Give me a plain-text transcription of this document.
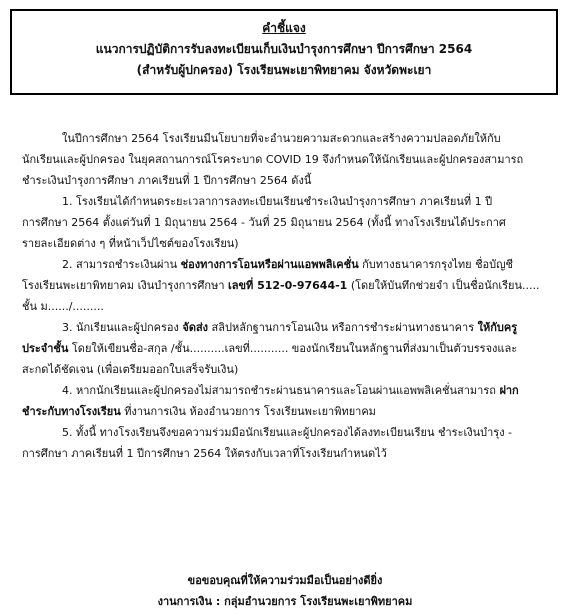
คำชี้แจง
แนวการปฏิบัติการรับลงทะเบียนเก็บเงินบำรุงการศึกษา ปีการศึกษา 2564
(สำหรับผู้ปกครอง) โรงเรียนพะเยาพิทยาคม จังหวัดพะเยา
ในปีการศึกษา 2564 โรงเรียนมีนโยบายที่จะอำนวยความสะดวกและสร้างความปลอดภัยให้กับ
นักเรียนและผู้ปกครอง ในยุคสถานการณ์โรคระบาด COVID 19 จึงกำหนดให้นักเรียนและผู้ปกครองสามารถ
ชำระเงินบำรุงการศึกษา ภาคเรียนที่ 1 ปีการศึกษา 2564 ดังนี้
1. โรงเรียนได้กำหนดระยะเวลาการลงทะเบียนเรียนชำระเงินบำรุงการศึกษา ภาคเรียนที่ 1 ปี
การศึกษา 2564 ตั้งแต่วันที่ 1 มิถุนายน 2564 - วันที่ 25 มิถุนายน 2564 (ทั้งนี้ ทางโรงเรียนได้ประกาศ
รายละเอียดต่าง ๆ ที่หน้าเว็ปไซต์ของโรงเรียน)
2. สามารถชำระเงินผ่าน ช่องทางการโอนหรือผ่านแอพพลิเคชั่น กับทางธนาคารกรุงไทย ชื่อบัญชี
โรงเรียนพะเยาพิทยาคม เงินบำรุงการศึกษา เลขที่ 512-0-97644-1 (โดยให้บันทึกช่วยจำ เป็นชื่อนักเรียน.....
ชั้น ม....../.........
3. นักเรียนและผู้ปกครอง จัดส่ง สลิปหลักฐานการโอนเงิน หรือการชำระผ่านทางธนาคาร ให้กับครู
ประจำชั้น โดยให้เขียนชื่อ-สกุล /ชั้น..........เลขที่........... ของนักเรียนในหลักฐานที่ส่งมาเป็นตัวบรรจงและ
สะกดได้ชัดเจน (เพื่อเตรียมออกใบเสร็จรับเงิน)
4. หากนักเรียนและผู้ปกครองไม่สามารถชำระผ่านธนาคารและโอนผ่านแอพพลิเคชั่นสามารถ ฝาก
ชำระกับทางโรงเรียน ที่งานการเงิน ห้องอำนวยการ โรงเรียนพะเยาพิทยาคม
5. ทั้งนี้ ทางโรงเรียนจึงขอความร่วมมือนักเรียนและผู้ปกครองได้ลงทะเบียนเรียน ชำระเงินบำรุง -
การศึกษา ภาคเรียนที่ 1 ปีการศึกษา 2564 ให้ตรงกับเวลาที่โรงเรียนกำหนดไว้
ขอขอบคุณที่ให้ความร่วมมือเป็นอย่างดียิ่ง
งานการเงิน : กลุ่มอำนวยการ โรงเรียนพะเยาพิทยาคม
